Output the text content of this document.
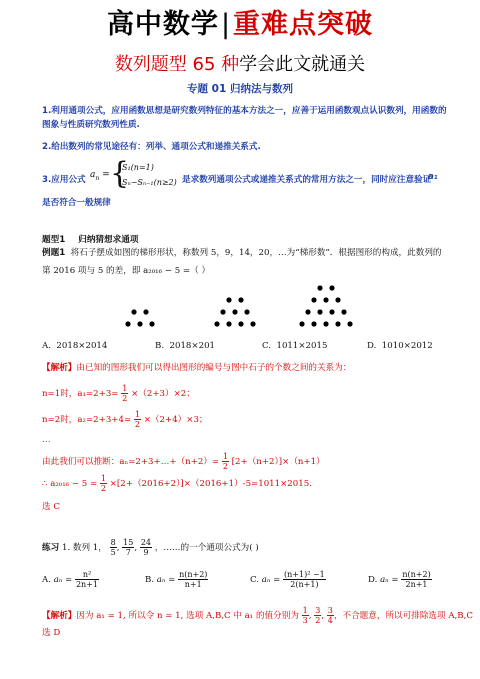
高中数学|重难点突破
数列题型 65 种学会此文就通关
专题 01 归纳法与数列
1.利用通项公式，应用函数思想是研究数列特征的基本方法之一，应善于运用函数观点认识数列，用函数的
图象与性质研究数列性质.
2.给出数列的常见途径有：列举、通项公式和递推关系式.
3.应用公式 $a_n$ = {
S₁(n=1)
Sₙ−Sₙ₋₁(n≥2) 是求数列通项公式或递推关系式的常用方法之一，同时应注意验证
a₁
是否符合一般规律
题型1 归纳猜想求通项
例题1 将石子摆成如图的梯形形状，称数列 5，9，14，20，…为“梯形数”．根据图形的构成，此数列的
第 2016 项与 5 的差，即 a₂₀₁₆ − 5 =（ ）
A. 2018×2014	B. 2018×201	C. 1011×2015	D. 1010×2012
【解析】由已知的图形我们可以得出图形的编号与图中石子的个数之间的关系为：
n=1时，$a_1=2+3= \frac{1}{2} \times(2+3)\times 2$；
n=2时，$a_2=2+3+4= \frac{1}{2} \times(2+4)\times 3$；
…
由此我们可以推断：aₙ=2+3+…+（n+2）= $\frac{1}{2} [2+(n+2)]\times(n+1)$
∴ $a_{2016} - 5 = \frac{1}{2} \times[2+(2016+2)]\times(2016+1)-5=1011\times 2015$.
选 C
练习 1. 数列 1， $\frac{8}{5}$ , $\frac{15}{7}$ , $\frac{24}{9}$ ，……的一个通项公式为( )
A. $a_n = \frac{\text{n²}}{2n+1}$	B. $a_n = \frac{n(n+2)}{n+1}$	C. $a_n = \frac{\text{(n+1)² −1}}{2(n+1)}$	D. $a_n = \frac{n(n+2)}{2n+1}$
【解析】因为 a₁ = 1, 所以令 n = 1, 选项 A,B,C 中 a₁ 的值分别为 $\frac{1}{3}$ , $\frac{3}{2}$ , $\frac{3}{4}$ ，不合题意，所以可排除选项 A,B,C
选 D
